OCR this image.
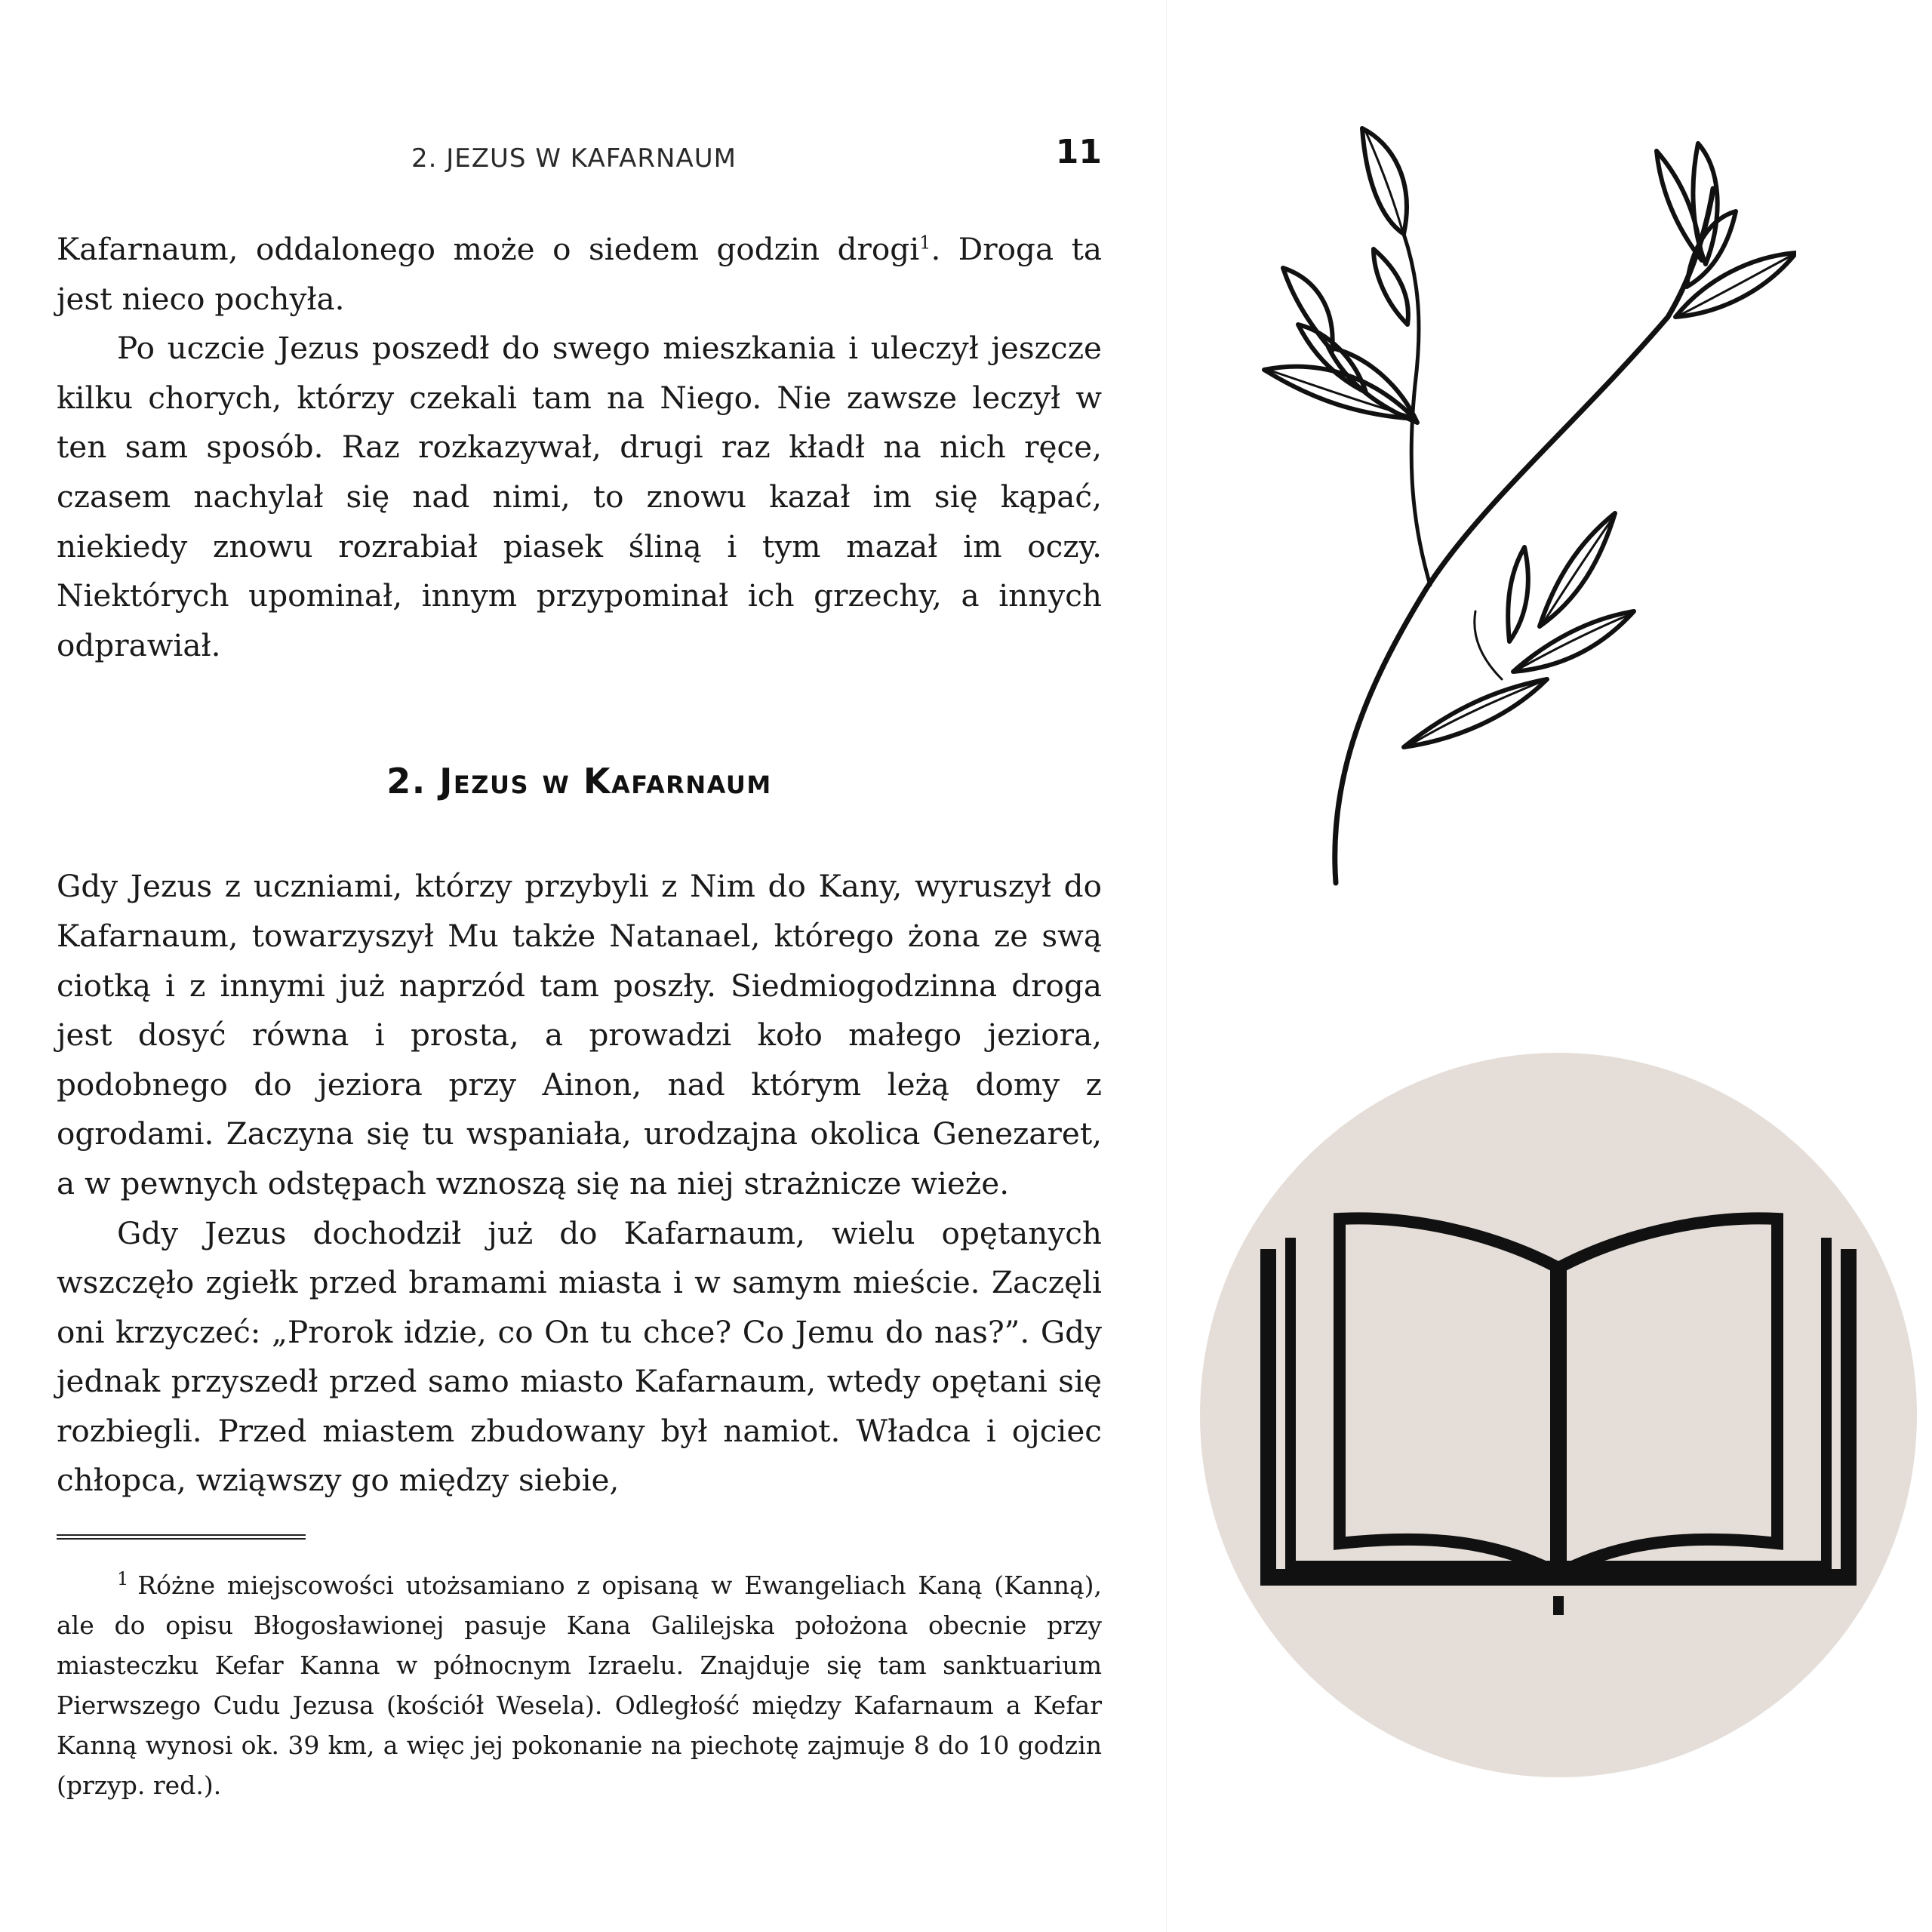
2. JEZUS W KAFARNAUM	11

Kafarnaum, oddalonego może o siedem godzin drogi$^1$. Droga ta jest nieco pochyła.

Po uczcie Jezus poszedł do swego mieszkania i uleczył jeszcze kilku chorych, którzy czekali tam na Niego. Nie zawsze leczył w ten sam sposób. Raz rozkazywał, drugi raz kładł na nich ręce, czasem nachylał się nad nimi, to znowu kazał im się kąpać, niekiedy znowu rozrabiał piasek śliną i tym mazał im oczy. Niektórych upominał, innym przypominał ich grzechy, a innych odprawiał.

2. Jezus w Kafarnaum

Gdy Jezus z uczniami, którzy przybyli z Nim do Kany, wyruszył do Kafarnaum, towarzyszył Mu także Natanael, którego żona ze swą ciotką i z innymi już naprzód tam poszły. Siedmiogodzinna droga jest dosyć równa i prosta, a prowadzi koło małego jeziora, podobnego do jeziora przy Ainon, nad którym leżą domy z ogrodami. Zaczyna się tu wspaniała, urodzajna okolica Genezaret, a w pewnych odstępach wznoszą się na niej strażnicze wieże.

Gdy Jezus dochodził już do Kafarnaum, wielu opętanych wszczęło zgiełk przed bramami miasta i w samym mieście. Zaczęli oni krzyczeć: „Prorok idzie, co On tu chce? Co Jemu do nas?”. Gdy jednak przyszedł przed samo miasto Kafarnaum, wtedy opętani się rozbiegli. Przed miastem zbudowany był namiot. Władca i ojciec chłopca, wziąwszy go między siebie,

$^1$ Różne miejscowości utożsamiano z opisaną w Ewangeliach Kaną (Kanną), ale do opisu Błogosławionej pasuje Kana Galilejska położona obecnie przy miasteczku Kefar Kanna w północnym Izraelu. Znajduje się tam sanktuarium Pierwszego Cudu Jezusa (kościół Wesela). Odległość między Kafarnaum a Kefar Kanną wynosi ok. 39 km, a więc jej pokonanie na piechotę zajmuje 8 do 10 godzin (przyp. red.).
